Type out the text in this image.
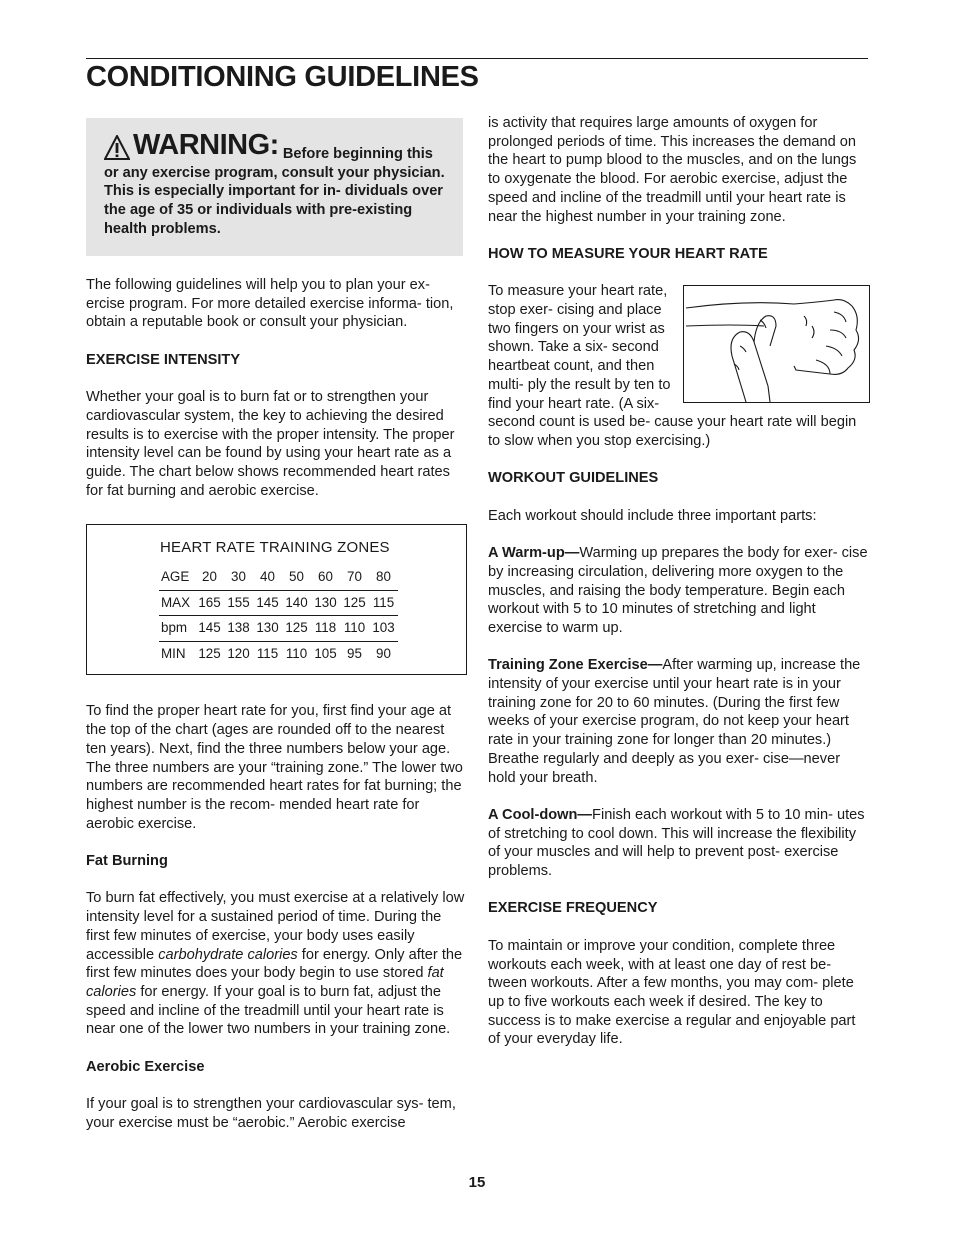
CONDITIONING GUIDELINES
WARNING: Before beginning this or any exercise program, consult your physician. This is especially important for in- dividuals over the age of 35 or individuals with pre-existing health problems.

The following guidelines will help you to plan your ex- ercise program. For more detailed exercise informa- tion, obtain a reputable book or consult your physician.

EXERCISE INTENSITY

Whether your goal is to burn fat or to strengthen your cardiovascular system, the key to achieving the desired results is to exercise with the proper intensity. The proper intensity level can be found by using your heart rate as a guide. The chart below shows recommended heart rates for fat burning and aerobic exercise.

HEART RATE TRAINING ZONES
AGE	20	30	40	50	60	70	80
MAX	165	155	145	140	130	125	115
bpm	145	138	130	125	118	110	103
MIN	125	120	115	110	105	95	90

To find the proper heart rate for you, first find your age at the top of the chart (ages are rounded off to the nearest ten years). Next, find the three numbers below your age. The three numbers are your “training zone.” The lower two numbers are recommended heart rates for fat burning; the highest number is the recom- mended heart rate for aerobic exercise.

Fat Burning

To burn fat effectively, you must exercise at a relatively low intensity level for a sustained period of time. During the first few minutes of exercise, your body uses easily accessible carbohydrate calories for energy. Only after the first few minutes does your body begin to use stored fat calories for energy. If your goal is to burn fat, adjust the speed and incline of the treadmill until your heart rate is near one of the lower two numbers in your training zone.

Aerobic Exercise

If your goal is to strengthen your cardiovascular sys- tem, your exercise must be “aerobic.” Aerobic exercise

is activity that requires large amounts of oxygen for prolonged periods of time. This increases the demand on the heart to pump blood to the muscles, and on the lungs to oxygenate the blood. For aerobic exercise, adjust the speed and incline of the treadmill until your heart rate is near the highest number in your training zone.

HOW TO MEASURE YOUR HEART RATE

To measure your heart rate, stop exer- cising and place two fingers on your wrist as shown. Take a six- second heartbeat count, and then multi- ply the result by ten to find your heart rate. (A six-second count is used be- cause your heart rate will begin to slow when you stop exercising.)

WORKOUT GUIDELINES

Each workout should include three important parts:

A Warm-up—Warming up prepares the body for exer- cise by increasing circulation, delivering more oxygen to the muscles, and raising the body temperature. Begin each workout with 5 to 10 minutes of stretching and light exercise to warm up.

Training Zone Exercise—After warming up, increase the intensity of your exercise until your heart rate is in your training zone for 20 to 60 minutes. (During the first few weeks of your exercise program, do not keep your heart rate in your training zone for longer than 20 minutes.) Breathe regularly and deeply as you exer- cise—never hold your breath.

A Cool-down—Finish each workout with 5 to 10 min- utes of stretching to cool down. This will increase the flexibility of your muscles and will help to prevent post- exercise problems.

EXERCISE FREQUENCY

To maintain or improve your condition, complete three workouts each week, with at least one day of rest be- tween workouts. After a few months, you may com- plete up to five workouts each week if desired. The key to success is to make exercise a regular and enjoyable part of your everyday life.

15
